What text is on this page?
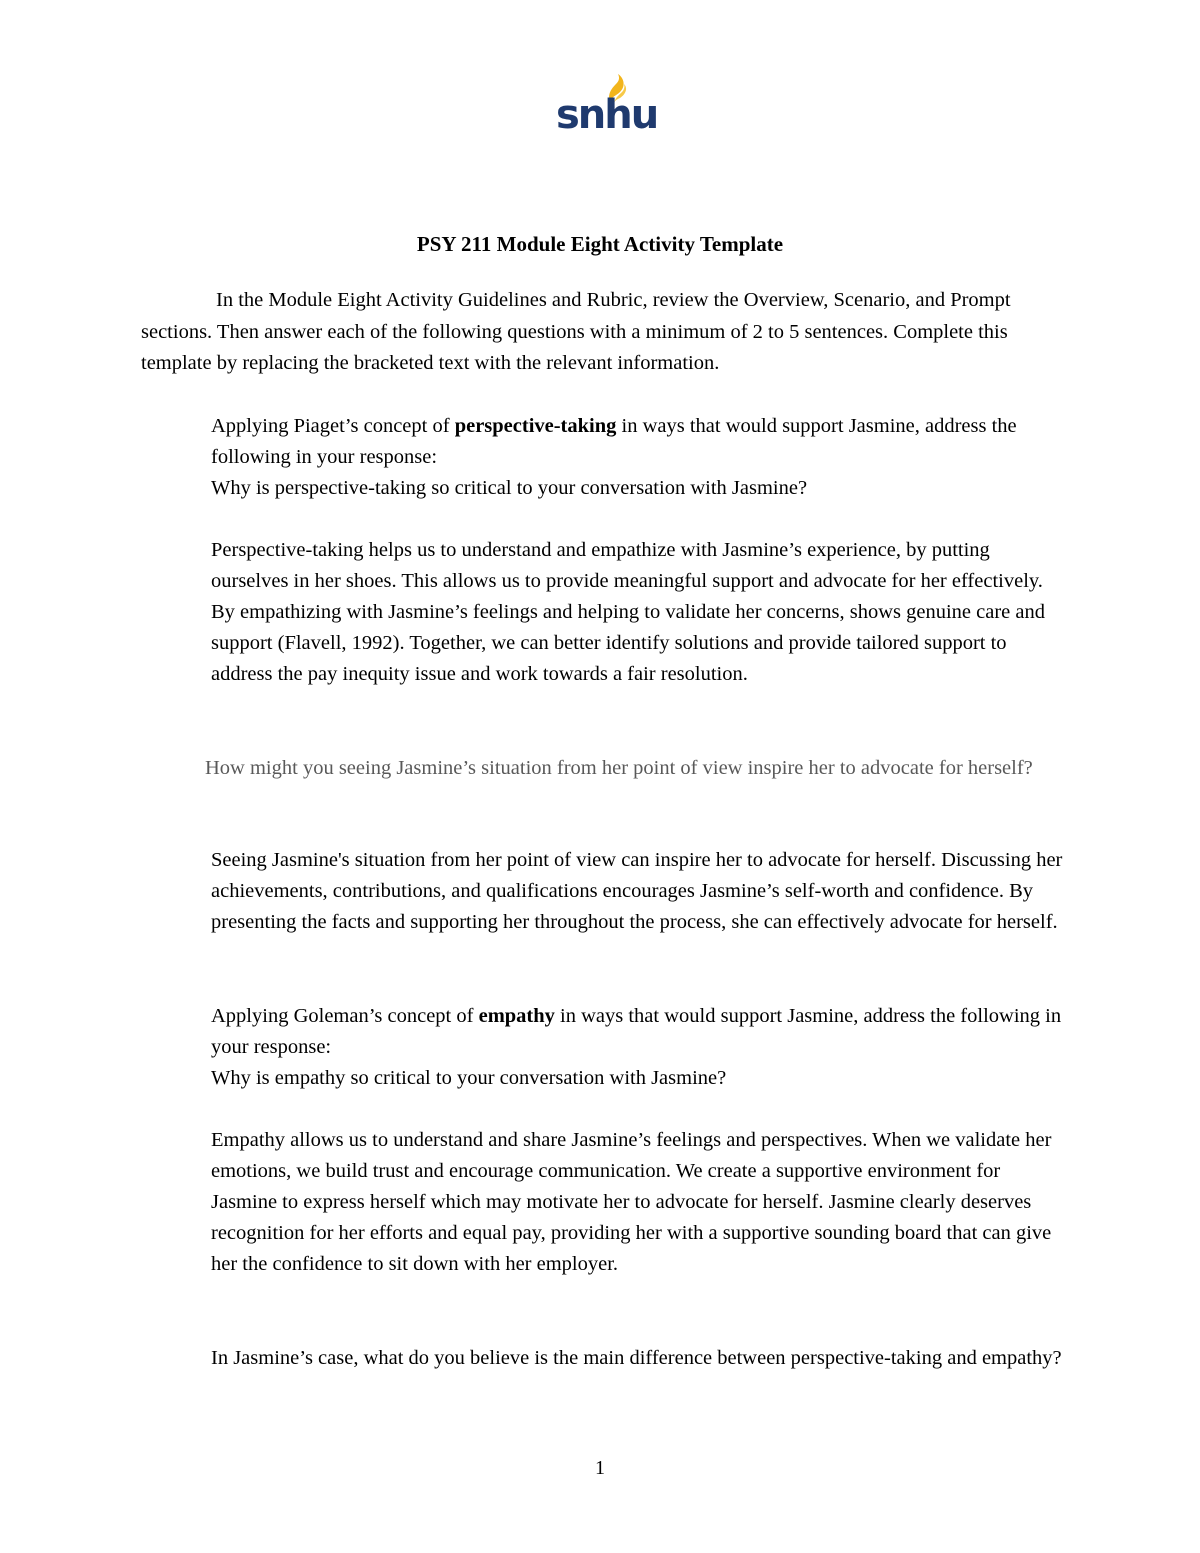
snhu
PSY 211 Module Eight Activity Template

In the Module Eight Activity Guidelines and Rubric, review the Overview, Scenario, and Prompt sections. Then answer each of the following questions with a minimum of 2 to 5 sentences. Complete this template by replacing the bracketed text with the relevant information.

Applying Piaget’s concept of perspective-taking in ways that would support Jasmine, address the following in your response:

Why is perspective-taking so critical to your conversation with Jasmine?

Perspective-taking helps us to understand and empathize with Jasmine’s experience, by putting ourselves in her shoes. This allows us to provide meaningful support and advocate for her effectively. By empathizing with Jasmine’s feelings and helping to validate her concerns, shows genuine care and support (Flavell, 1992). Together, we can better identify solutions and provide tailored support to address the pay inequity issue and work towards a fair resolution.

How might you seeing Jasmine’s situation from her point of view inspire her to advocate for herself?

Seeing Jasmine's situation from her point of view can inspire her to advocate for herself. Discussing her achievements, contributions, and qualifications encourages Jasmine’s self-worth and confidence. By presenting the facts and supporting her throughout the process, she can effectively advocate for herself.

Applying Goleman’s concept of empathy in ways that would support Jasmine, address the following in your response:

Why is empathy so critical to your conversation with Jasmine?

Empathy allows us to understand and share Jasmine’s feelings and perspectives. When we validate her emotions, we build trust and encourage communication. We create a supportive environment for Jasmine to express herself which may motivate her to advocate for herself. Jasmine clearly deserves recognition for her efforts and equal pay, providing her with a supportive sounding board that can give her the confidence to sit down with her employer.

In Jasmine’s case, what do you believe is the main difference between perspective-taking and empathy?

1
